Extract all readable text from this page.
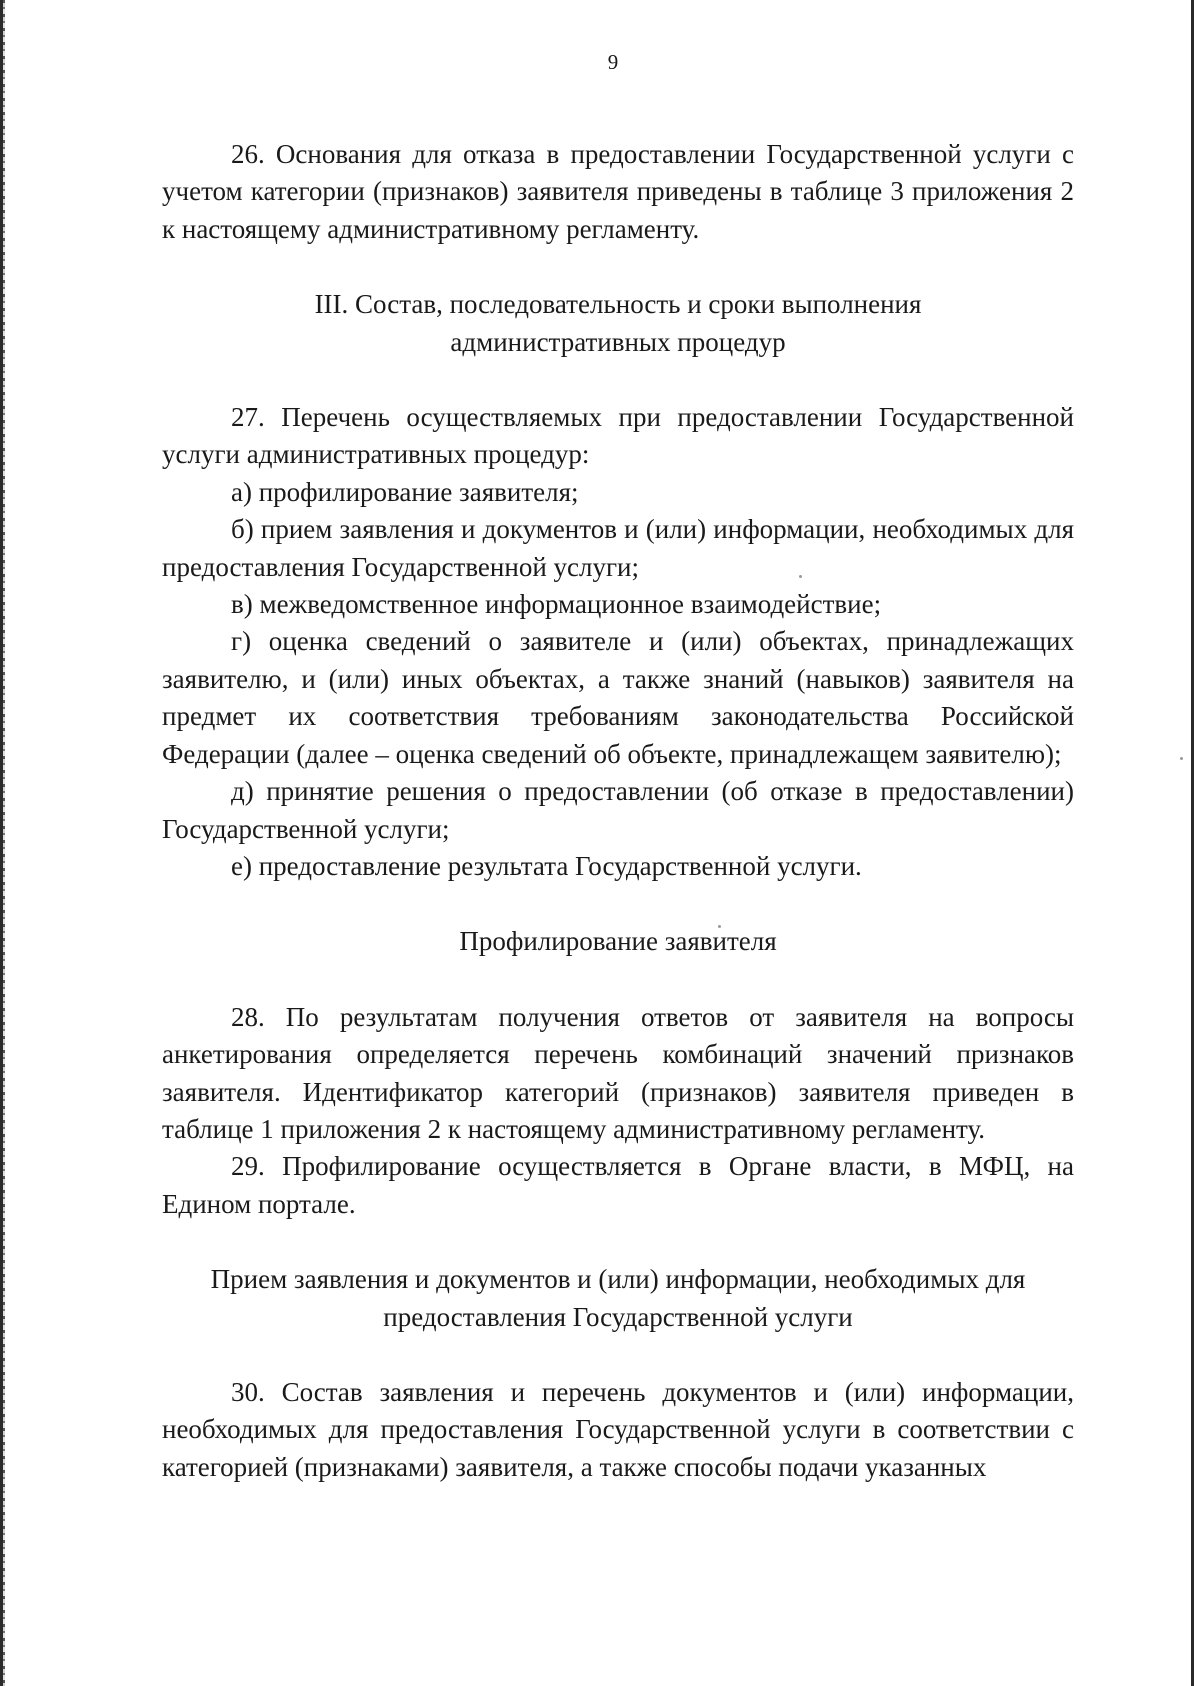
9

26. Основания для отказа в предоставлении Государственной услуги с учетом категории (признаков) заявителя приведены в таблице 3 приложения 2 к настоящему административному регламенту.

III. Состав, последовательность и сроки выполнения

административных процедур

27. Перечень осуществляемых при предоставлении Государственной услуги административных процедур:

а) профилирование заявителя;

б) прием заявления и документов и (или) информации, необходимых для предоставления Государственной услуги;

в) межведомственное информационное взаимодействие;

г) оценка сведений о заявителе и (или) объектах, принадлежащих заявителю, и (или) иных объектах, а также знаний (навыков) заявителя на предмет их соответствия требованиям законодательства Российской Федерации (далее – оценка сведений об объекте, принадлежащем заявителю);

д) принятие решения о предоставлении (об отказе в предоставлении) Государственной услуги;

е) предоставление результата Государственной услуги.

Профилирование заявителя

28. По результатам получения ответов от заявителя на вопросы анкетирования определяется перечень комбинаций значений признаков заявителя. Идентификатор категорий (признаков) заявителя приведен в таблице 1 приложения 2 к настоящему административному регламенту.

29. Профилирование осуществляется в Органе власти, в МФЦ, на Едином портале.

Прием заявления и документов и (или) информации, необходимых для

предоставления Государственной услуги

30. Состав заявления и перечень документов и (или) информации, необходимых для предоставления Государственной услуги в соответствии с категорией (признаками) заявителя, а также способы подачи указанных
